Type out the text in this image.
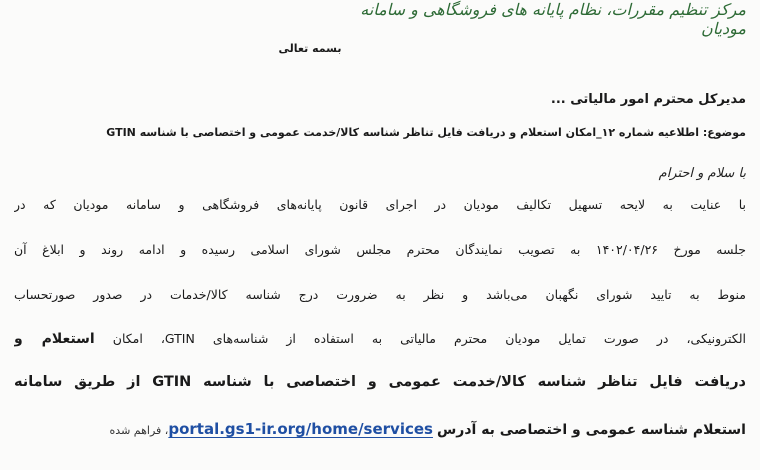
مرکز تنظیم مقررات، نظام پایانه های فروشگاهی و سامانه مودیان
بسمه تعالی
مدیرکل محترم امور مالیاتی ...
موضوع: اطلاعیه شماره ۱۲_امکان استعلام و دریافت فایل تناظر شناسه کالا/خدمت عمومی و اختصاصی با شناسه GTIN
با سلام و احترام
با عنایت به لایحه تسهیل تکالیف مودیان در اجرای قانون پایانه‌های فروشگاهی و سامانه مودیان که در
جلسه مورخ ۱۴۰۲/۰۴/۲۶ به تصویب نمایندگان محترم مجلس شورای اسلامی رسیده و ادامه روند و ابلاغ آن
منوط به تایید شورای نگهبان می‌باشد و نظر به ضرورت درج شناسه کالا/خدمات در صدور صورتحساب
الکترونیکی، در صورت تمایل مودیان محترم مالیاتی به استفاده از شناسه‌های GTIN، امکان استعلام و
دریافت فایل تناظر شناسه کالا/خدمت عمومی و اختصاصی با شناسه GTIN از طریق سامانه
استعلام شناسه عمومی و اختصاصی به آدرس portal.gs1-ir.org/home/services، فراهم شده
